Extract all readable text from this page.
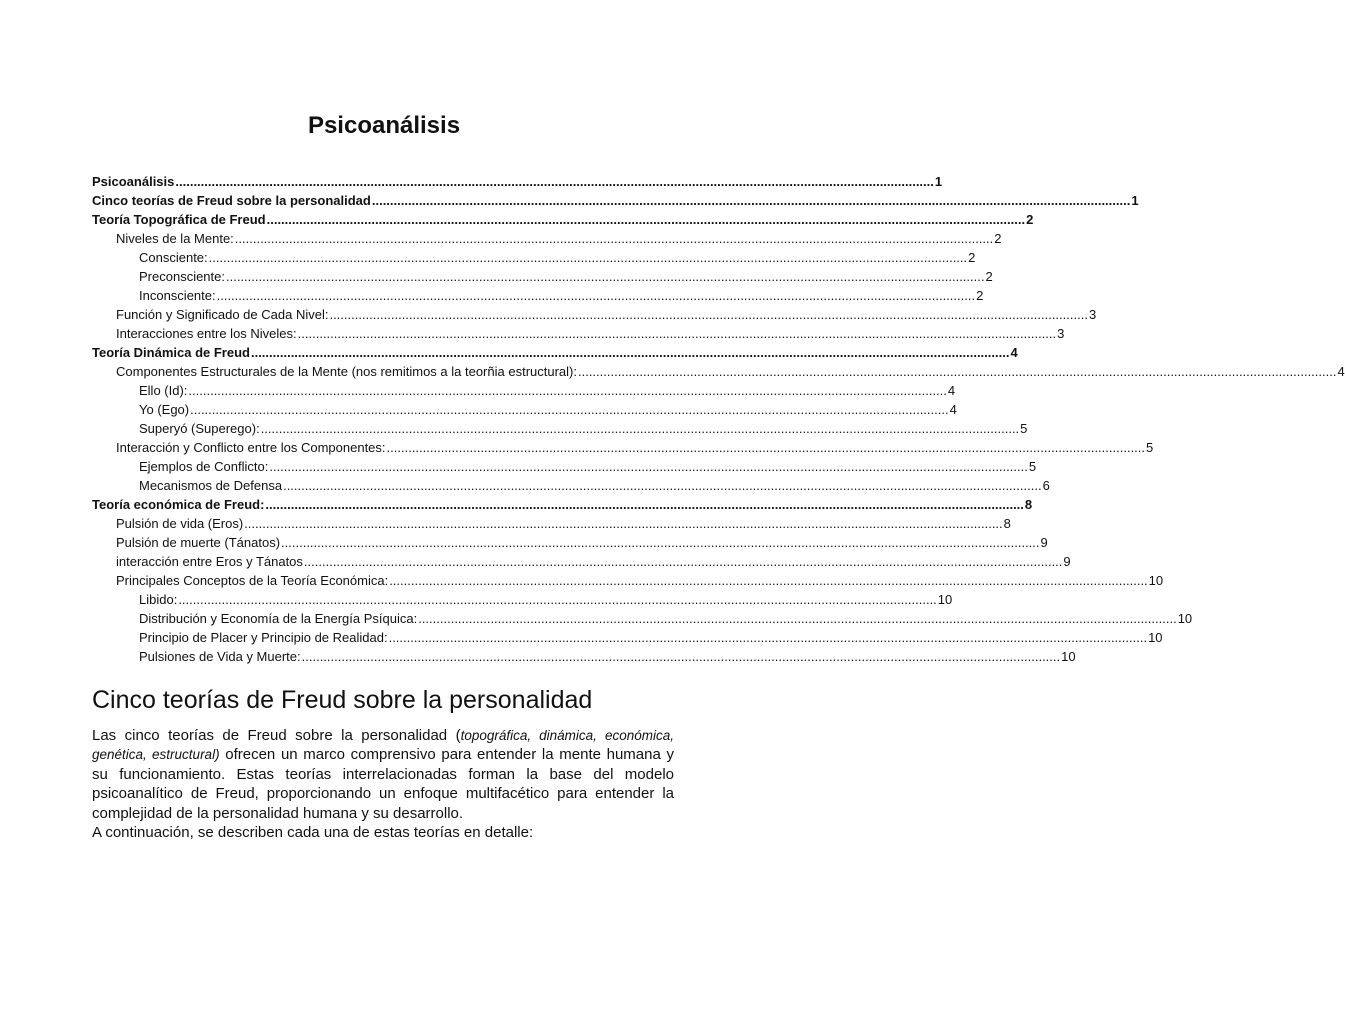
Psicoanálisis
Psicoanálisis .....	1
Cinco teorías de Freud sobre la personalidad .....	1
Teoría Topográfica de Freud .....	2
Niveles de la Mente: .....	2
Consciente: .....	2
Preconsciente: .....	2
Inconsciente: .....	2
Función y Significado de Cada Nivel: .....	3
Interacciones entre los Niveles: .....	3
Teoría Dinámica de Freud .....	4
Componentes Estructurales de la Mente (nos remitimos a la teorñia estructural): .....	4
Ello (Id): .....	4
Yo (Ego) .....	4
Superyó (Superego): .....	5
Interacción y Conflicto entre los Componentes: .....	5
Ejemplos de Conflicto: .....	5
Mecanismos de Defensa .....	6
Teoría económica de Freud: .....	8
Pulsión de vida (Eros) .....	8
Pulsión de muerte (Tánatos) .....	9
interacción entre Eros y Tánatos .....	9
Principales Conceptos de la Teoría Económica: .....	10
Libido: .....	10
Distribución y Economía de la Energía Psíquica: .....	10
Principio de Placer y Principio de Realidad: .....	10
Pulsiones de Vida y Muerte: .....	10
Cinco teorías de Freud sobre la personalidad

Las cinco teorías de Freud sobre la personalidad (topográfica, dinámica, económica, genética, estructural) ofrecen un marco comprensivo para entender la mente humana y su funcionamiento. Estas teorías interrelacionadas forman la base del modelo psicoanalítico de Freud, proporcionando un enfoque multifacético para entender la complejidad de la personalidad humana y su desarrollo.

A continuación, se describen cada una de estas teorías en detalle:
